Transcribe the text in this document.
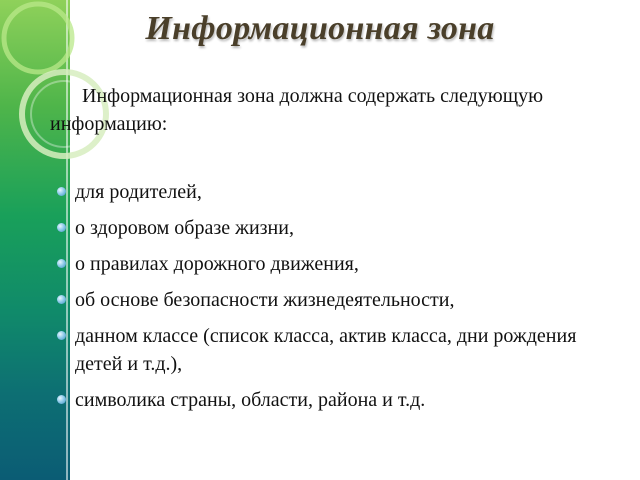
Информационная зона

Информационная зона должна содержать следующую информацию:

для родителей,
о здоровом образе жизни,
о правилах дорожного движения,
об основе безопасности жизнедеятельности,
данном классе (список класса, актив класса, дни рождения детей и т.д.),
символика страны, области, района и т.д.
